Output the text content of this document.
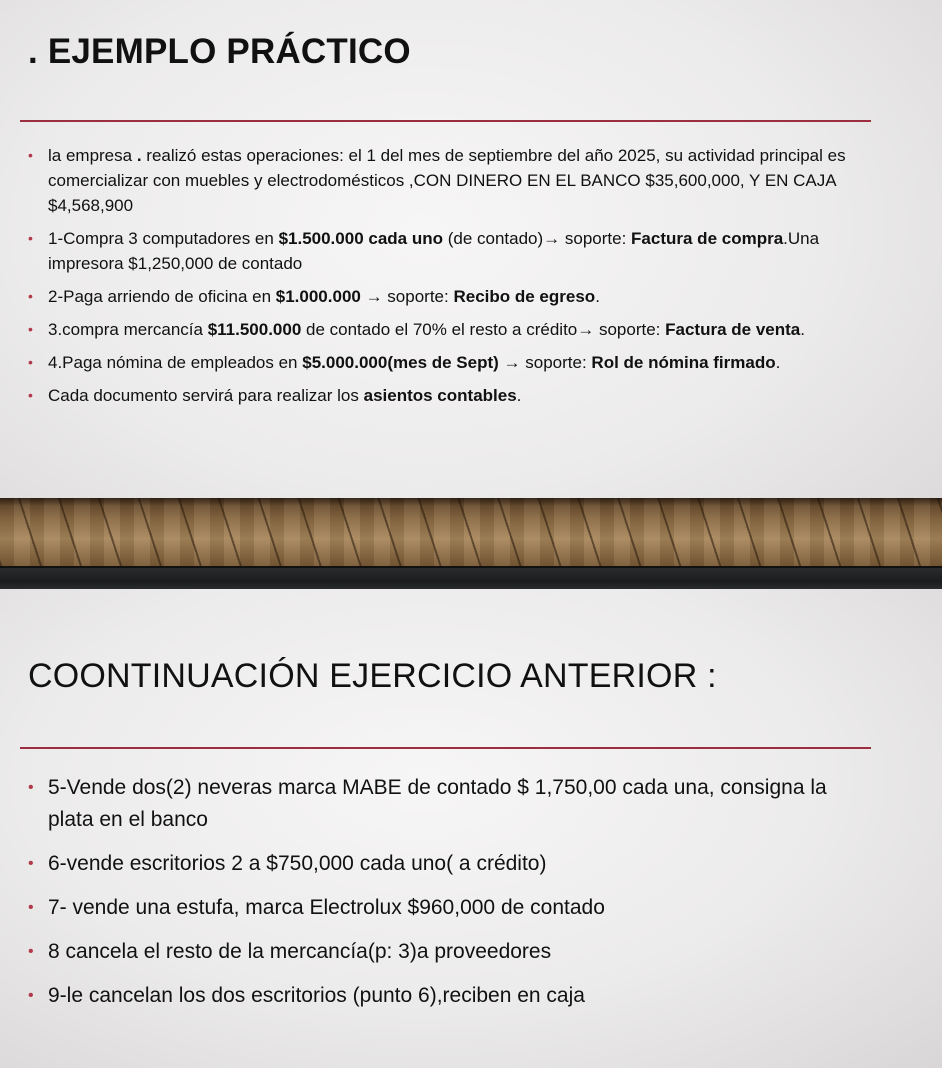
. EJEMPLO PRÁCTICO
• la empresa . realizó estas operaciones: el 1 del mes de septiembre del año 2025, su actividad principal es comercializar con muebles y electrodomésticos ,CON DINERO EN EL BANCO $35,600,000, Y EN CAJA $4,568,900
• 1-Compra 3 computadores en $1.500.000 cada uno (de contado)→ soporte: Factura de compra.Una impresora $1,250,000 de contado
• 2-Paga arriendo de oficina en $1.000.000 → soporte: Recibo de egreso.
• 3.compra mercancía $11.500.000 de contado el 70% el resto a crédito→ soporte: Factura de venta.
• 4.Paga nómina de empleados en $5.000.000(mes de Sept) → soporte: Rol de nómina firmado.
• Cada documento servirá para realizar los asientos contables.
COONTINUACIÓN EJERCICIO ANTERIOR :
• 5-Vende dos(2) neveras marca MABE de contado $ 1,750,00 cada una, consigna la plata en el banco
• 6-vende escritorios 2 a $750,000 cada uno( a crédito)
• 7- vende una estufa, marca Electrolux $960,000 de contado
• 8 cancela el resto de la mercancía(p: 3)a proveedores
• 9-le cancelan los dos escritorios (punto 6),reciben en caja
